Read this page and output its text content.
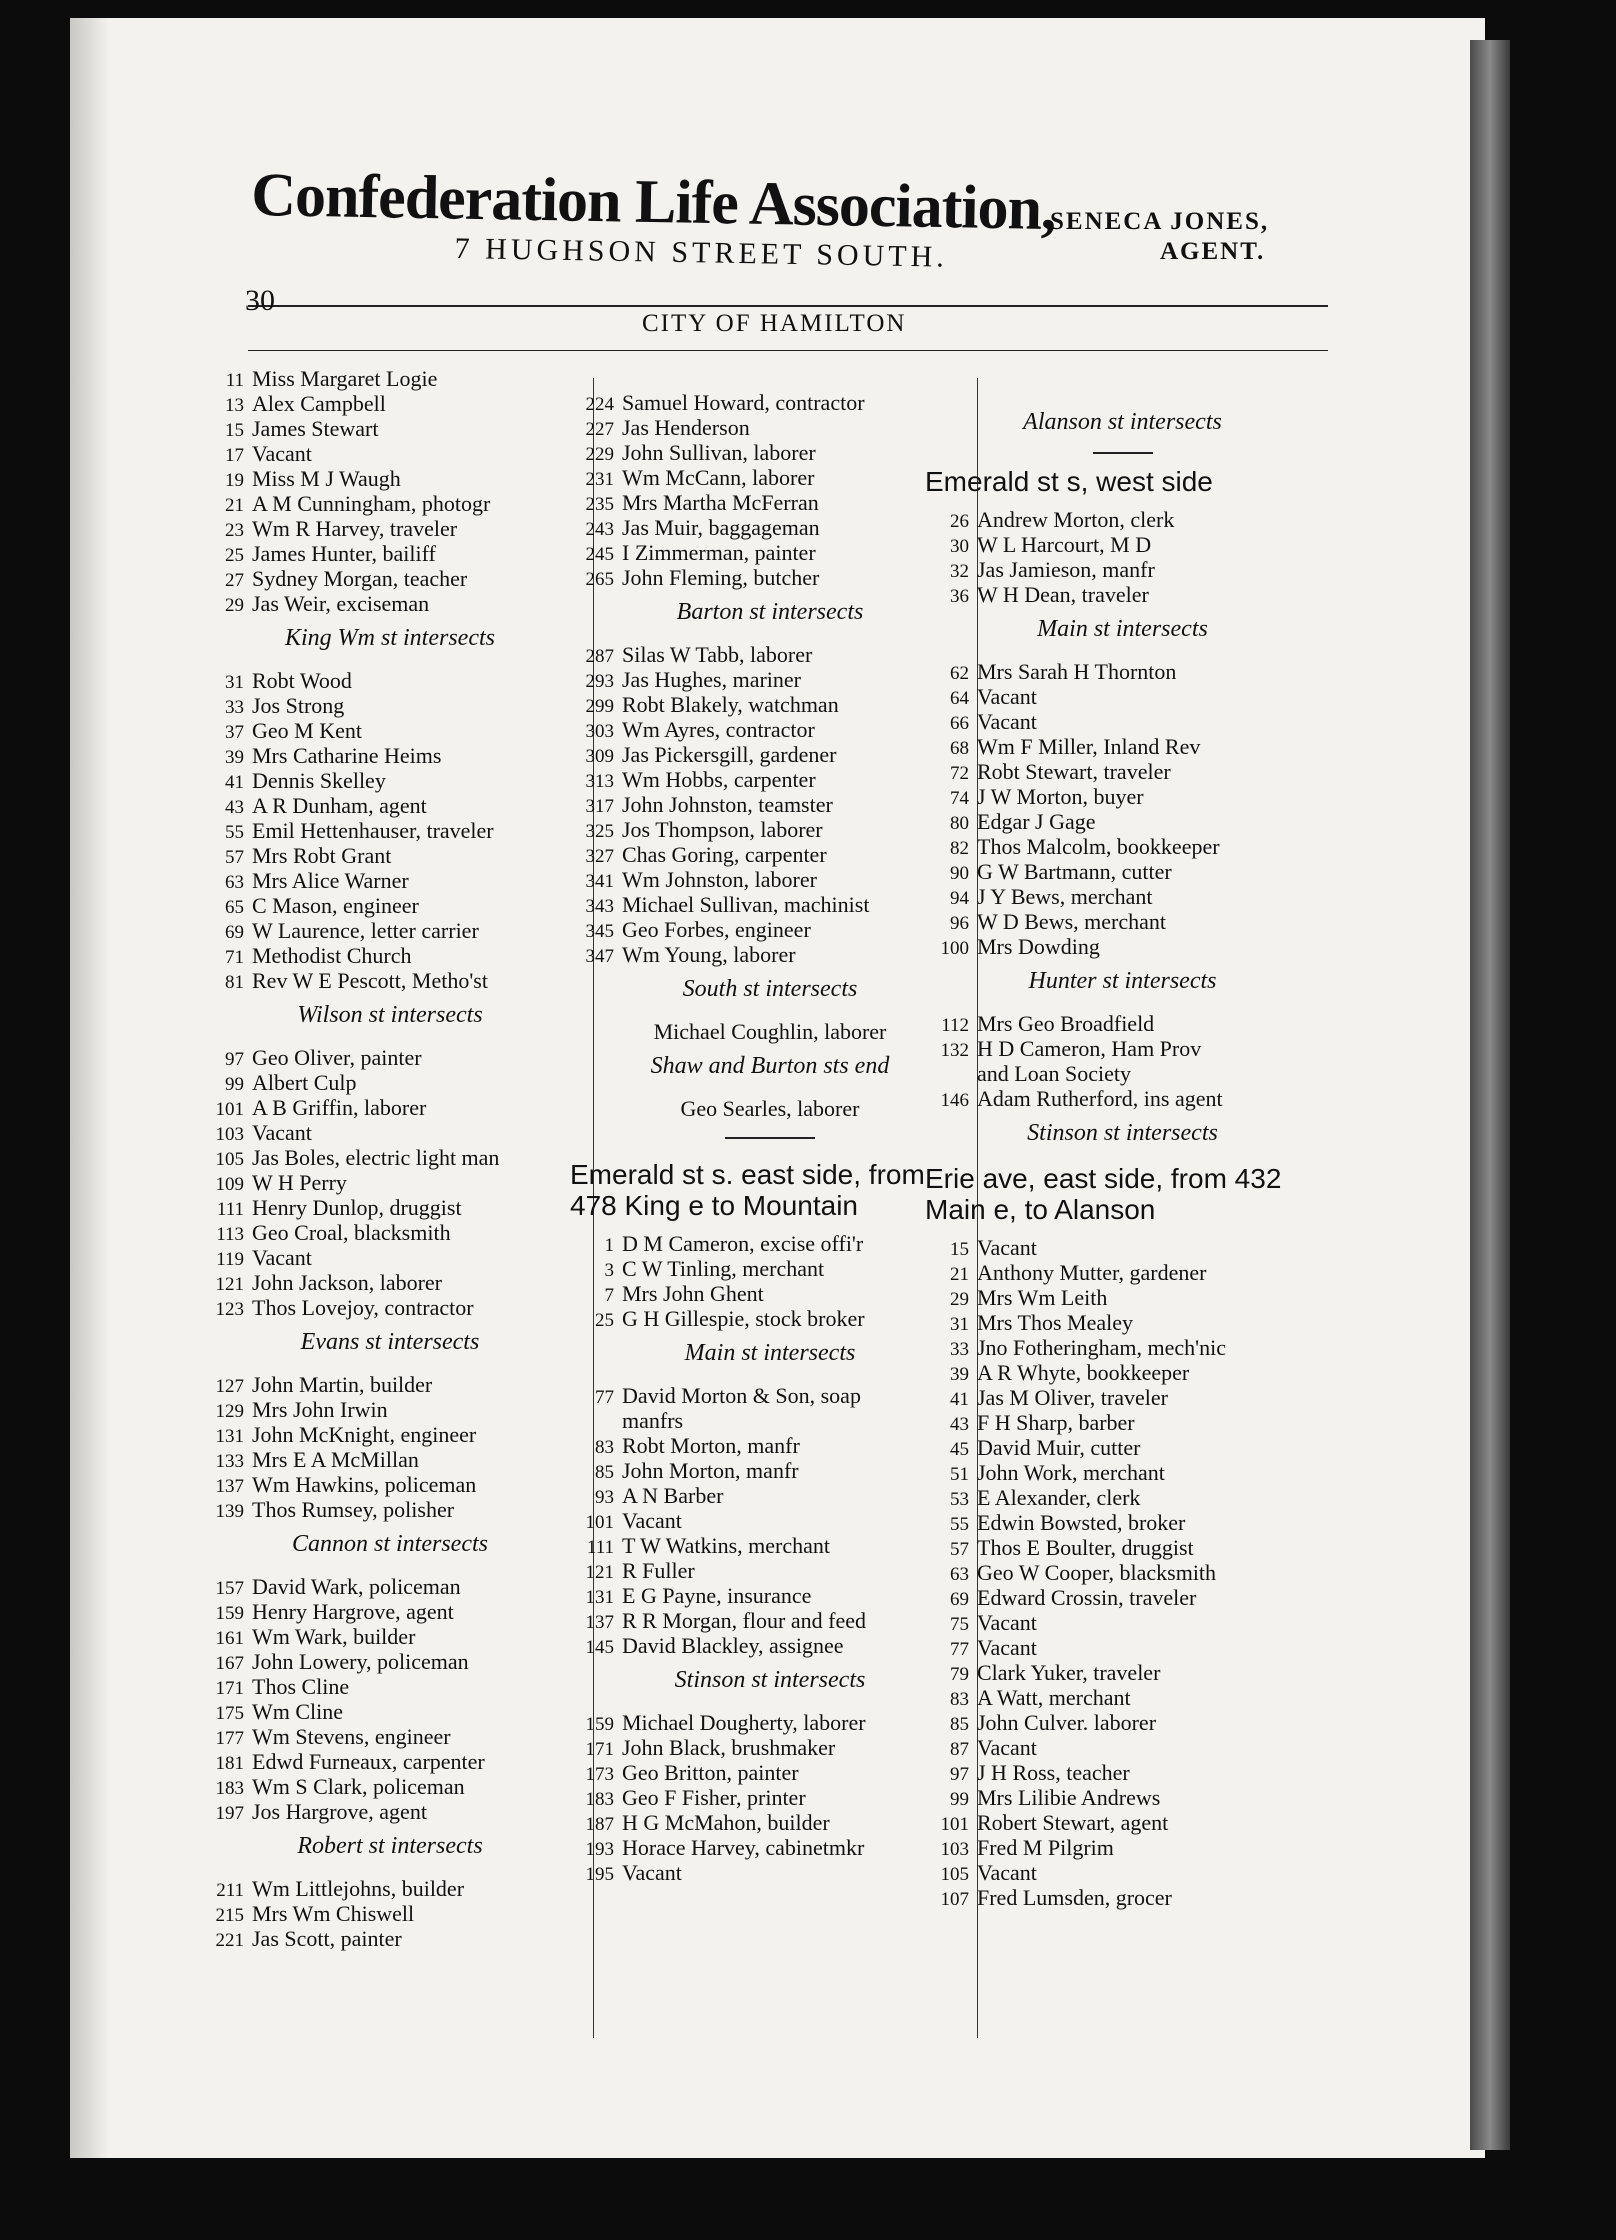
Confederation Life Association,
SENECA JONES,
AGENT.
7 HUGHSON STREET SOUTH.
30
CITY OF HAMILTON
11 Miss Margaret Logie
13 Alex Campbell
15 James Stewart
17 Vacant
19 Miss M J Waugh
21 A M Cunningham, photogr
23 Wm R Harvey, traveler
25 James Hunter, bailiff
27 Sydney Morgan, teacher
29 Jas Weir, exciseman
King Wm st intersects
31 Robt Wood
33 Jos Strong
37 Geo M Kent
39 Mrs Catharine Heims
41 Dennis Skelley
43 A R Dunham, agent
55 Emil Hettenhauser, traveler
57 Mrs Robt Grant
63 Mrs Alice Warner
65 C Mason, engineer
69 W Laurence, letter carrier
71 Methodist Church
81 Rev W E Pescott, Metho'st
Wilson st intersects
97 Geo Oliver, painter
99 Albert Culp
101 A B Griffin, laborer
103 Vacant
105 Jas Boles, electric light man
109 W H Perry
111 Henry Dunlop, druggist
113 Geo Croal, blacksmith
119 Vacant
121 John Jackson, laborer
123 Thos Lovejoy, contractor
Evans st intersects
127 John Martin, builder
129 Mrs John Irwin
131 John McKnight, engineer
133 Mrs E A McMillan
137 Wm Hawkins, policeman
139 Thos Rumsey, polisher
Cannon st intersects
157 David Wark, policeman
159 Henry Hargrove, agent
161 Wm Wark, builder
167 John Lowery, policeman
171 Thos Cline
175 Wm Cline
177 Wm Stevens, engineer
181 Edwd Furneaux, carpenter
183 Wm S Clark, policeman
197 Jos Hargrove, agent
Robert st intersects
211 Wm Littlejohns, builder
215 Mrs Wm Chiswell
221 Jas Scott, painter
224 Samuel Howard, contractor
227 Jas Henderson
229 John Sullivan, laborer
231 Wm McCann, laborer
235 Mrs Martha McFerran
243 Jas Muir, baggageman
245 I Zimmerman, painter
265 John Fleming, butcher
Barton st intersects
287 Silas W Tabb, laborer
293 Jas Hughes, mariner
299 Robt Blakely, watchman
303 Wm Ayres, contractor
309 Jas Pickersgill, gardener
313 Wm Hobbs, carpenter
317 John Johnston, teamster
325 Jos Thompson, laborer
327 Chas Goring, carpenter
341 Wm Johnston, laborer
343 Michael Sullivan, machinist
345 Geo Forbes, engineer
347 Wm Young, laborer
South st intersects
Michael Coughlin, laborer
Shaw and Burton sts end
Geo Searles, laborer
Emerald st s. east side, from 478 King e to Mountain
1 D M Cameron, excise offi'r
3 C W Tinling, merchant
7 Mrs John Ghent
25 G H Gillespie, stock broker
Main st intersects
77 David Morton & Son, soap
manfrs
83 Robt Morton, manfr
85 John Morton, manfr
93 A N Barber
101 Vacant
111 T W Watkins, merchant
121 R Fuller
131 E G Payne, insurance
137 R R Morgan, flour and feed
145 David Blackley, assignee
Stinson st intersects
159 Michael Dougherty, laborer
171 John Black, brushmaker
173 Geo Britton, painter
183 Geo F Fisher, printer
187 H G McMahon, builder
193 Horace Harvey, cabinetmkr
195 Vacant
Alanson st intersects
Emerald st s, west side
26 Andrew Morton, clerk
30 W L Harcourt, M D
32 Jas Jamieson, manfr
36 W H Dean, traveler
Main st intersects
62 Mrs Sarah H Thornton
64 Vacant
66 Vacant
68 Wm F Miller, Inland Rev
72 Robt Stewart, traveler
74 J W Morton, buyer
80 Edgar J Gage
82 Thos Malcolm, bookkeeper
90 G W Bartmann, cutter
94 J Y Bews, merchant
96 W D Bews, merchant
100 Mrs Dowding
Hunter st intersects
112 Mrs Geo Broadfield
132 H D Cameron, Ham Prov
and Loan Society
146 Adam Rutherford, ins agent
Stinson st intersects
Erie ave, east side, from 432 Main e, to Alanson
15 Vacant
21 Anthony Mutter, gardener
29 Mrs Wm Leith
31 Mrs Thos Mealey
33 Jno Fotheringham, mech'nic
39 A R Whyte, bookkeeper
41 Jas M Oliver, traveler
43 F H Sharp, barber
45 David Muir, cutter
51 John Work, merchant
53 E Alexander, clerk
55 Edwin Bowsted, broker
57 Thos E Boulter, druggist
63 Geo W Cooper, blacksmith
69 Edward Crossin, traveler
75 Vacant
77 Vacant
79 Clark Yuker, traveler
83 A Watt, merchant
85 John Culver. laborer
87 Vacant
97 J H Ross, teacher
99 Mrs Lilibie Andrews
101 Robert Stewart, agent
103 Fred M Pilgrim
105 Vacant
107 Fred Lumsden, grocer
